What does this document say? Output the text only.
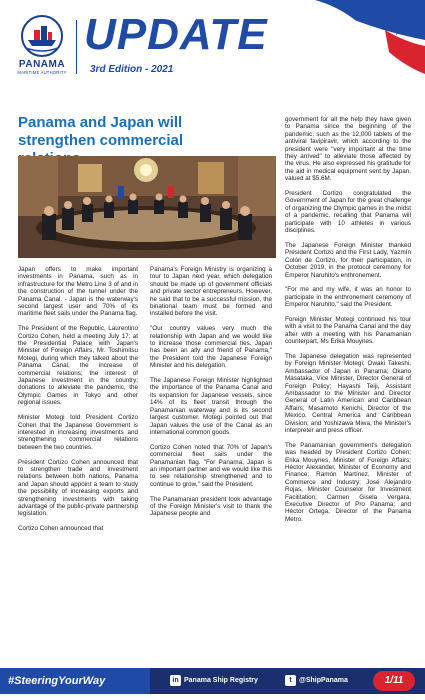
PANAMA
MARITIME AUTHORITY
UPDATE
3rd Edition - 2021
Panama and Japan will strengthen commercial

Japan offers to make important investments in Panama, such as in infrastructure for the Metro Line 3 of and in the construction of the tunnel under the Panama Canal. - Japan is the waterway's second largest user and 70% of its maritime fleet sails under the Panama flag.

The President of the Republic, Laurentino Cortizo Cohen, held a meeting July 17; at the Presidential Palace with Japan's Minister of Foreign Affairs, Mr. Toshimitsu Motegi, during which they talked about the Panama Canal, the increase of commercial relations; the interest of Japanese investment in the country; donations to alleviate the pandemic, the Olympic Games in Tokyo and other regional issues.

Minister Motegi told President Cortizo Cohen that the Japanese Government is interested in increasing investments and strengthening commercial relations between the two countries.

President Cortizo Cohen announced that to strengthen trade and investment relations between both nations, Panama and Japan should appoint a team to study the possibility of increasing exports and strengthening investments with taking advantage of the public-private partnership legislation.

Cortizo Cohen announced that

Panama's Foreign Ministry is organizing a tour to Japan next year, which delegation should be made up of government officials and private sector entrepreneurs. However, he said that to be a successful mission, the binational team must be formed and installed before the visit.

"Our country values very much the relationship with Japan and we would like to increase those commercial ties. Japan has been an ally and friend of Panama," the President told the Japanese Foreign Minister and his delegation.

The Japanese Foreign Minister highlighted the importance of the Panama Canal and its expansion for Japanese vessels, since 14% of its fleet transit through the Panamanian waterway and is its second largest customer. Motegi pointed out that Japan values the use of the Canal as an international common goods.

Cortizo Cohen noted that 70% of Japan's commercial fleet sails under the Panamanian flag. "For Panama, Japan is an important partner and we would like this to see relationship strengthened and to continue to grow," said the President.

The Panamanian president took advantage of the Foreign Minister's visit to thank the Japanese people and

government for all the help they have given to Panama since the beginning of the pandemic, such as the 12,000 tablets of the antiviral favipiravir, which according to the president were "very important at the time they arrived" to alleviate those affected by the virus. He also expressed his gratitude for the aid in medical equipment sent by Japan, valued at $5.6M.

President Cortizo congratulated the Government of Japan for the great challenge of organizing the Olympic games in the midst of a pandemic, recalling that Panama will participate with 10 athletes in various disciplines.

The Japanese Foreign Minister thanked President Cortizo and the First Lady, Yazmín Colón de Cortizo, for their participation, in October 2019, in the protocol ceremony for Emperor Naruhito's enthronement.

"For me and my wife, it was an honor to participate in the enthronement ceremony of Emperor Naruhito," said the President.

Foreign Minister Motegi continued his tour with a visit to the Panama Canal and the day after with a meeting with his Panamanian counterpart, Ms Erika Mouynes.

The Japanese delegation was represented by Foreign Minister Motegi; Owaki Takeshi, Ambassador of Japan in Panama; Okano Masataka, Vice Minister, Director General of Foreign Policy; Hayashi Teiji, Assistant Ambassador to the Minister and Director General of Latin American and Caribbean Affairs; Masamoto Kenichi, Director of the Mexico, Central America and Caribbean Division; and Yoshizawa Miwa, the Minister's interpreter and press officer.

The Panamanian government's delegation was headed by President Cortizo Cohen; Erika Mouynes, Minister of Foreign Affairs; Héctor Alexander, Minister of Economy and Finance; Ramón Martínez, Minister of Commerce and Industry; José Alejandro Rojas, Minister Counselor for Investment Facilitation; Carmen Gisela Vergara, Executive Director of Pro Panama; and Héctor Ortega, Director of the Panama Metro.

#SteeringYourWay	in Panama Ship Registry	t @ShipPanama	1/11
